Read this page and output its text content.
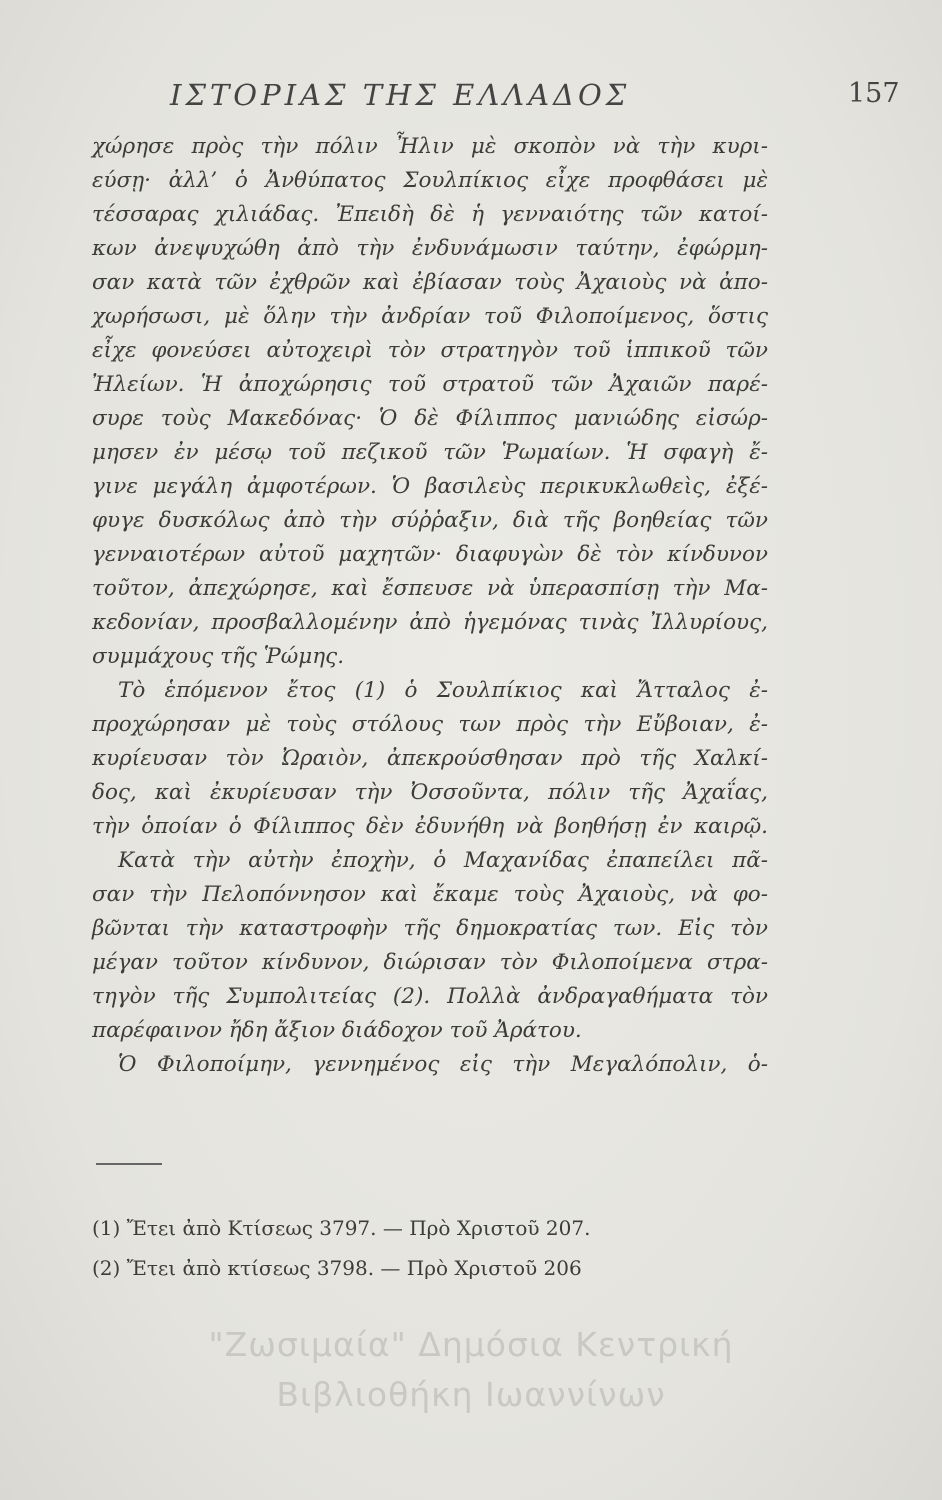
ΙΣΤΟΡΙΑΣ ΤΗΣ ΕΛΛΑΔΟΣ	157
χώρησε πρὸς τὴν πόλιν Ἦλιν μὲ σκοπὸν νὰ τὴν κυρι-
εύσῃ· ἀλλ’ ὁ Ἀνθύπατος Σουλπίκιος εἶχε προφθάσει μὲ
τέσσαρας χιλιάδας. Ἐπειδὴ δὲ ἡ γενναιότης τῶν κατοί-
κων ἀνεψυχώθη ἀπὸ τὴν ἐνδυνάμωσιν ταύτην, ἐφώρμη-
σαν κατὰ τῶν ἐχθρῶν καὶ ἐβίασαν τοὺς Ἀχαιοὺς νὰ ἀπο-
χωρήσωσι, μὲ ὅλην τὴν ἀνδρίαν τοῦ Φιλοποίμενος, ὅστις
εἶχε φονεύσει αὐτοχειρὶ τὸν στρατηγὸν τοῦ ἱππικοῦ τῶν
Ἠλείων. Ἡ ἀποχώρησις τοῦ στρατοῦ τῶν Ἀχαιῶν παρέ-
συρε τοὺς Μακεδόνας· Ὁ δὲ Φίλιππος μανιώδης εἰσώρ-
μησεν ἐν μέσῳ τοῦ πεζικοῦ τῶν Ῥωμαίων. Ἡ σφαγὴ ἔ-
γινε μεγάλη ἀμφοτέρων. Ὁ βασιλεὺς περικυκλωθεὶς, ἐξέ-
φυγε δυσκόλως ἀπὸ τὴν σύῤῥαξιν, διὰ τῆς βοηθείας τῶν
γενναιοτέρων αὐτοῦ μαχητῶν· διαφυγὼν δὲ τὸν κίνδυνον
τοῦτον, ἀπεχώρησε, καὶ ἔσπευσε νὰ ὑπερασπίσῃ τὴν Μα-
κεδονίαν, προσβαλλομένην ἀπὸ ἡγεμόνας τινὰς Ἰλλυρίους,
συμμάχους τῆς Ῥώμης.
Τὸ ἑπόμενον ἔτος (1) ὁ Σουλπίκιος καὶ Ἄτταλος ἐ-
προχώρησαν μὲ τοὺς στόλους των πρὸς τὴν Εὔβοιαν, ἐ-
κυρίευσαν τὸν Ὠραιὸν, ἀπεκρούσθησαν πρὸ τῆς Χαλκί-
δος, καὶ ἐκυρίευσαν τὴν Ὀσσοῦντα, πόλιν τῆς Ἀχαΐας,
τὴν ὁποίαν ὁ Φίλιππος δὲν ἐδυνήθη νὰ βοηθήσῃ ἐν καιρῷ.
Κατὰ τὴν αὐτὴν ἐποχὴν, ὁ Μαχανίδας ἐπαπείλει πᾶ-
σαν τὴν Πελοπόννησον καὶ ἔκαμε τοὺς Ἀχαιοὺς, νὰ φο-
βῶνται τὴν καταστροφὴν τῆς δημοκρατίας των. Εἰς τὸν
μέγαν τοῦτον κίνδυνον, διώρισαν τὸν Φιλοποίμενα στρα-
τηγὸν τῆς Συμπολιτείας (2). Πολλὰ ἀνδραγαθήματα τὸν
παρέφαινον ἤδη ἄξιον διάδοχον τοῦ Ἀράτου.
Ὁ Φιλοποίμην, γεννημένος εἰς τὴν Μεγαλόπολιν, ὁ-
(1) Ἔτει ἀπὸ Κτίσεως 3797. — Πρὸ Χριστοῦ 207.
(2) Ἔτει ἀπὸ κτίσεως 3798. — Πρὸ Χριστοῦ 206
"Ζωσιμαία" Δημόσια Κεντρική
Βιβλιοθήκη Ιωαννίνων
